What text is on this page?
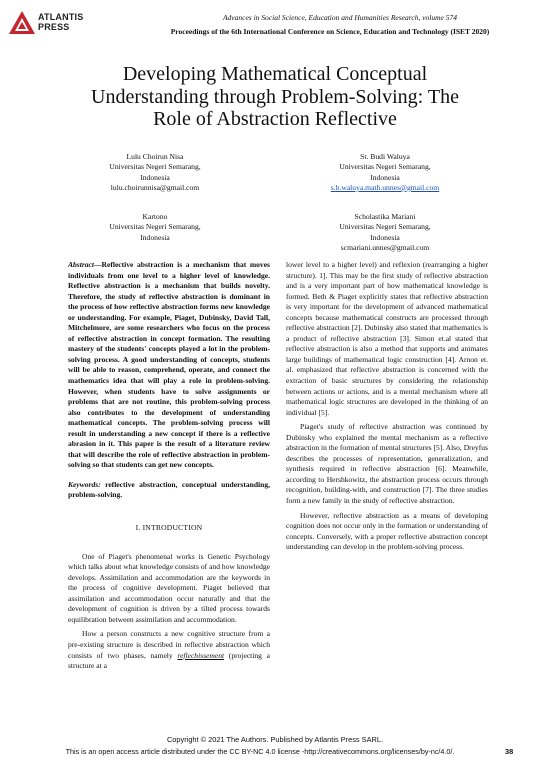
ATLANTIS
PRESS
Advances in Social Science, Education and Humanities Research, volume 574
Proceedings of the 6th International Conference on Science, Education and Technology (ISET 2020)
Developing Mathematical Conceptual
Understanding through Problem-Solving: The
Role of Abstraction Reflective
Lulu Choirun Nisa
Universitas Negeri Semarang,
Indonesia
lulu.choirunnisa@gmail.com
St. Budi Waluya
Universitas Negeri Semarang,
Indonesia
s.b.waluya.math.unnes@gmail.com
Kartono
Universitas Negeri Semarang,
Indonesia
Scholastika Mariani
Universitas Negeri Semarang,
Indonesia
scmariani.unnes@gmail.com

Abstract—Reflective abstraction is a mechanism that moves individuals from one level to a higher level of knowledge. Reflective abstraction is a mechanism that builds novelty. Therefore, the study of reflective abstraction is dominant in the process of how reflective abstraction forms new knowledge or understanding. For example, Piaget, Dubinsky, David Tall, Mitchelmore, are some researchers who focus on the process of reflective abstraction in concept formation. The resulting mastery of the students' concepts played a lot in the problem-solving process. A good understanding of concepts, students will be able to reason, comprehend, operate, and connect the mathematics idea that will play a role in problem-solving. However, when students have to solve assignments or problems that are not routine, this problem-solving process also contributes to the development of understanding mathematical concepts. The problem-solving process will result in understanding a new concept if there is a reflective abrasion in it. This paper is the result of a literature review that will describe the role of reflective abstraction in problem-solving so that students can get new concepts.

Keywords: reflective abstraction, conceptual understanding, problem-solving.

I. INTRODUCTION

One of Piaget's phenomenal works is Genetic Psychology which talks about what knowledge consists of and how knowledge develops. Assimilation and accommodation are the keywords in the process of cognitive development. Piaget believed that assimilation and accommodation occur naturally and that the development of cognition is driven by a tilted process towards equilibration between assimilation and accommodation.

How a person constructs a new cognitive structure from a pre-existing structure is described in reflective abstraction which consists of two phases, namely reflechissement (projecting a structure at a

lower level to a higher level) and reflexion (rearranging a higher structure). 1]. This may be the first study of reflective abstraction and is a very important part of how mathematical knowledge is formed. Beth & Piaget explicitly states that reflective abstraction is very important for the development of advanced mathematical concepts because mathematical constructs are processed through reflective abstraction [2]. Dubinsky also stated that mathematics is a product of reflective abstraction [3]. Simon et.al stated that reflective abstraction is also a method that supports and animates large buildings of mathematical logic construction [4]. Arnon et. al. emphasized that reflective abstraction is concerned with the extraction of basic structures by considering the relationship between actions or actions, and is a mental mechanism where all mathematical logic structures are developed in the thinking of an individual [5].

Piaget's study of reflective abstraction was continued by Dubinsky who explained the mental mechanism as a reflective abstraction in the formation of mental structures [5]. Also, Dreyfus describes the processes of representation, generalization, and synthesis required in reflective abstraction [6]. Meanwhile, according to Hershkowitz, the abstraction process occurs through recognition, building-with, and construction [7]. The three studies form a new family in the study of reflective abstraction.

However, reflective abstraction as a means of developing cognition does not occur only in the formation or understanding of concepts. Conversely, with a proper reflective abstraction concept understanding can develop in the problem-solving process.

Copyright © 2021 The Authors. Published by Atlantis Press SARL.
This is an open access article distributed under the CC BY-NC 4.0 license -http://creativecommons.org/licenses/by-nc/4.0/.	38
